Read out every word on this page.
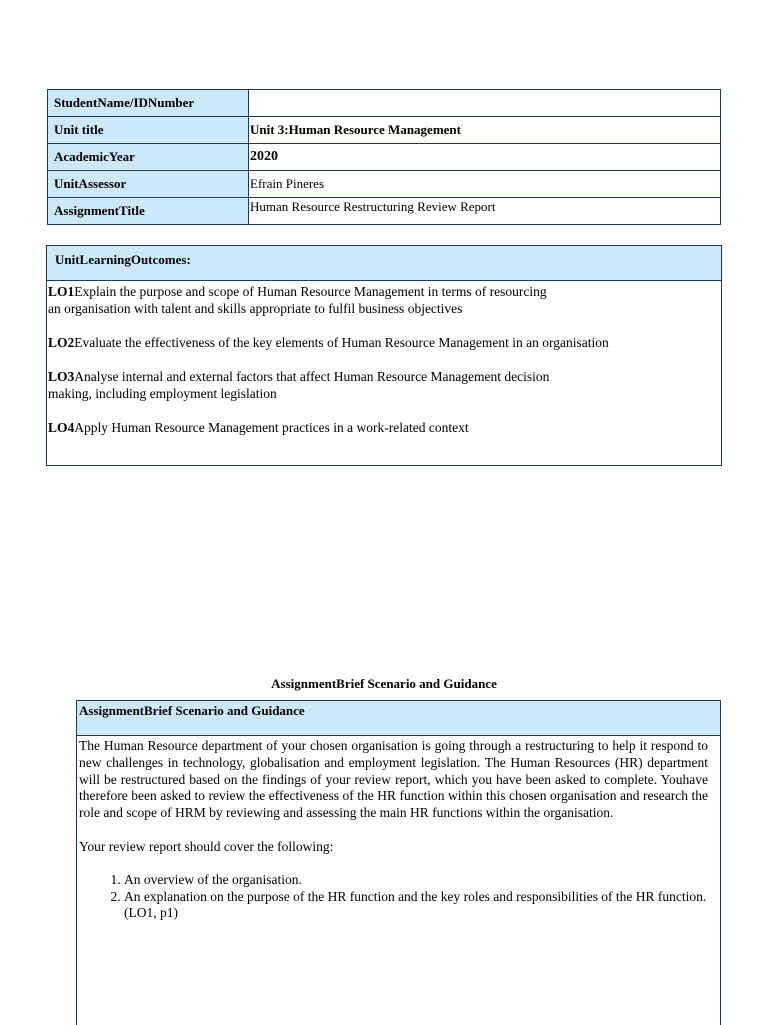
StudentName/IDNumber	

Unit title	Unit 3:Human Resource Management

AcademicYear	2020

UnitAssessor	Efrain Pineres

AssignmentTitle	Human Resource Restructuring Review Report
UnitLearningOutcomes:
LO1Explain the purpose and scope of Human Resource Management in terms of resourcing
an organisation with talent and skills appropriate to fulfil business objectives
LO2Evaluate the effectiveness of the key elements of Human Resource Management in an organisation
LO3Analyse internal and external factors that affect Human Resource Management decision
making, including employment legislation
LO4Apply Human Resource Management practices in a work-related context
AssignmentBrief Scenario and Guidance
AssignmentBrief Scenario and Guidance

The Human Resource department of your chosen organisation is going through a restructuring to help it respond to new challenges in technology, globalisation and employment legislation. The Human Resources (HR) department will be restructured based on the findings of your review report, which you have been asked to complete. Youhave therefore been asked to review the effectiveness of the HR function within this chosen organisation and research the role and scope of HRM by reviewing and assessing the main HR functions within the organisation.

Your review report should cover the following:

1. An overview of the organisation.
2. An explanation on the purpose of the HR function and the key roles and responsibilities of the HR function.(LO1, p1)
